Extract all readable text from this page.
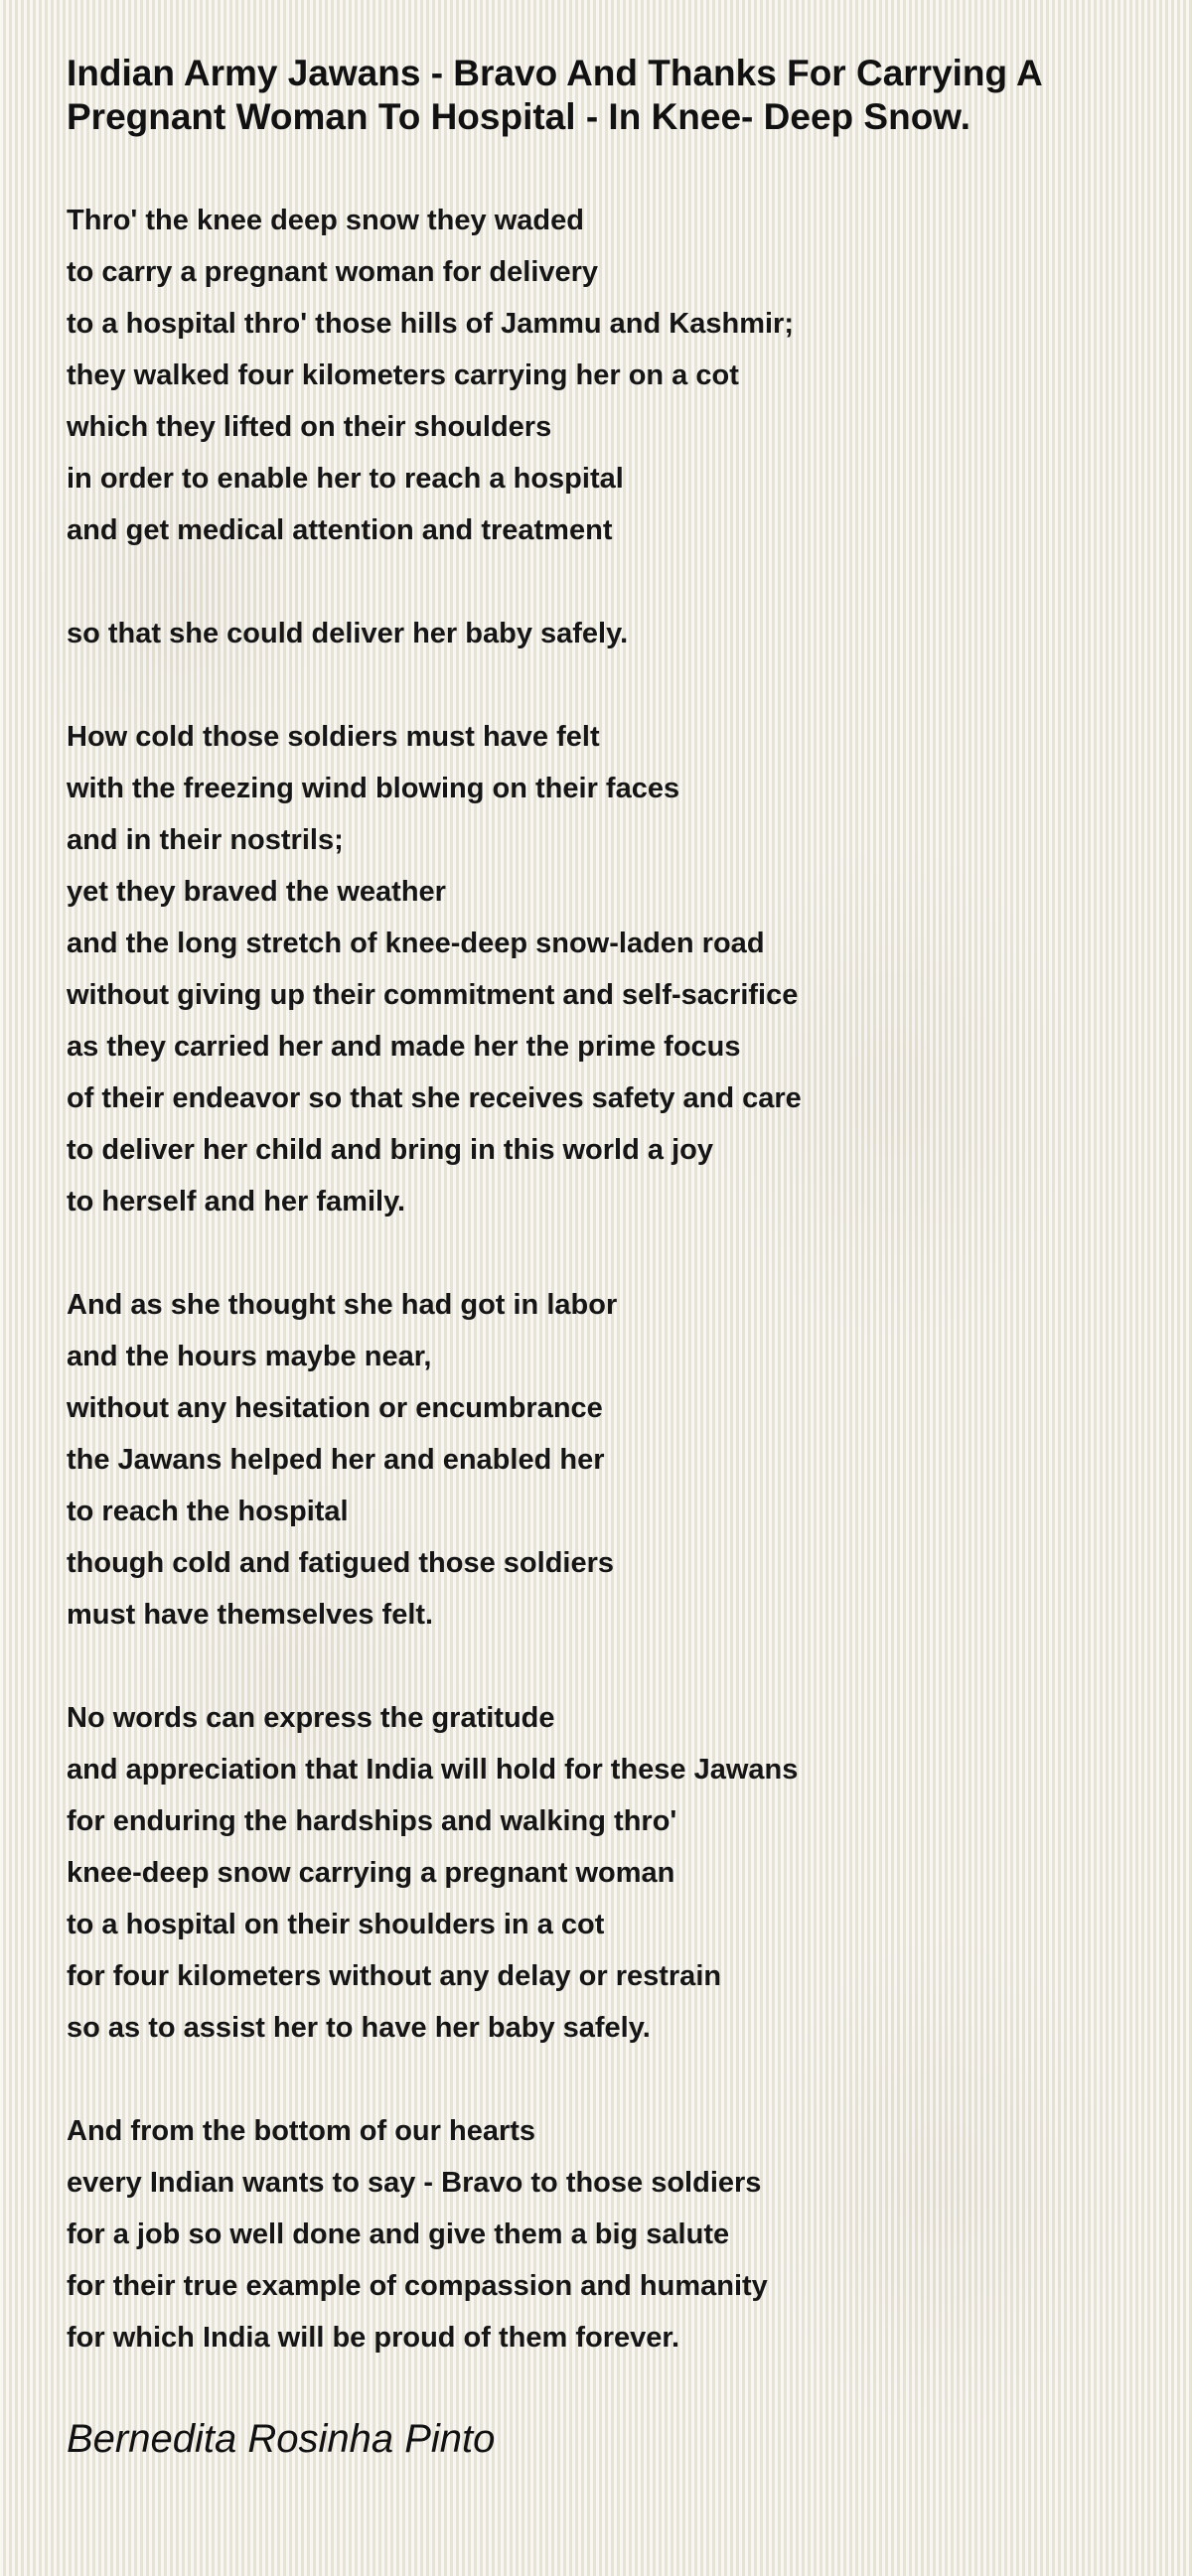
Indian Army Jawans - Bravo And Thanks For Carrying A Pregnant Woman To Hospital - In Knee- Deep Snow.
Thro' the knee deep snow they waded
to carry a pregnant woman for delivery
to a hospital thro' those hills of Jammu and Kashmir;
they walked four kilometers carrying her on a cot
which they lifted on their shoulders
in order to enable her to reach a hospital
and get medical attention and treatment
so that she could deliver her baby safely.
How cold those soldiers must have felt
with the freezing wind blowing on their faces
and in their nostrils;
yet they braved the weather
and the long stretch of knee-deep snow-laden road
without giving up their commitment and self-sacrifice
as they carried her and made her the prime focus
of their endeavor so that she receives safety and care
to deliver her child and bring in this world a joy
to herself and her family.
And as she thought she had got in labor
and the hours maybe near,
without any hesitation or encumbrance
the Jawans helped her and enabled her
to reach the hospital
though cold and fatigued those soldiers
must have themselves felt.
No words can express the gratitude
and appreciation that India will hold for these Jawans
for enduring the hardships and walking thro'
knee-deep snow carrying a pregnant woman
to a hospital on their shoulders in a cot
for four kilometers without any delay or restrain
so as to assist her to have her baby safely.
And from the bottom of our hearts
every Indian wants to say - Bravo to those soldiers
for a job so well done and give them a big salute
for their true example of compassion and humanity
for which India will be proud of them forever.
Bernedita Rosinha Pinto
